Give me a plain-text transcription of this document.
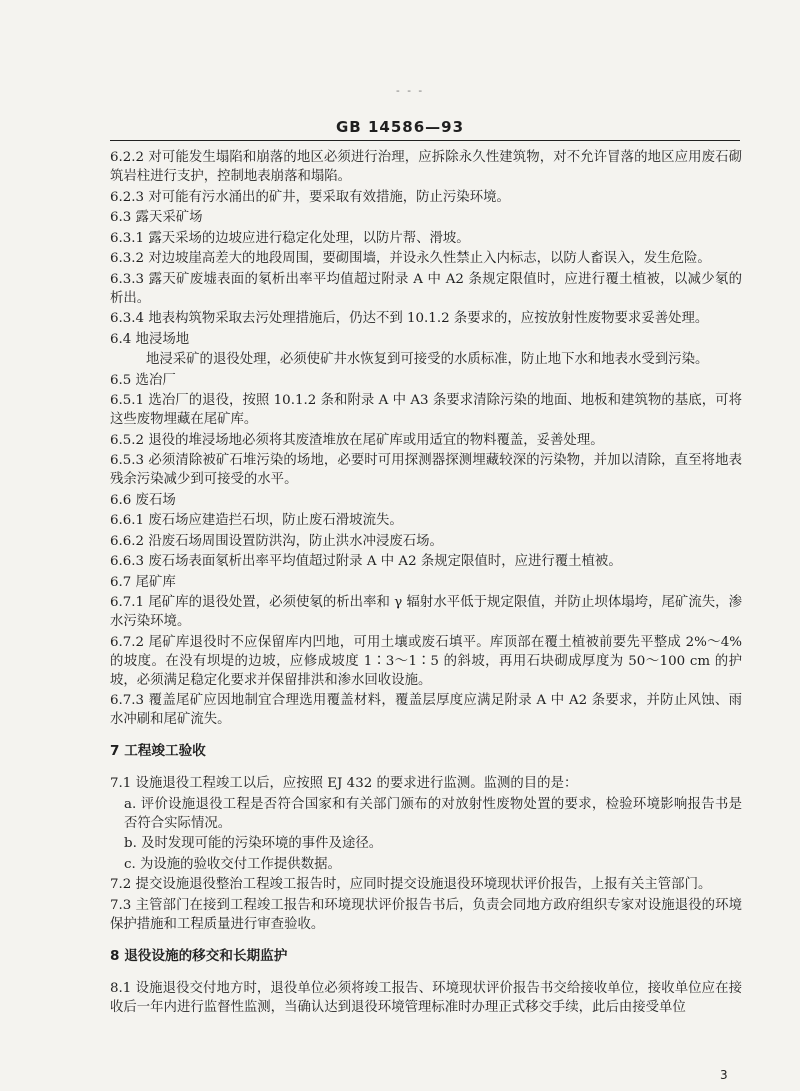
- - -
GB 14586—93
6.2.2 对可能发生塌陷和崩落的地区必须进行治理，应拆除永久性建筑物，对不允许冒落的地区应用废石砌筑岩柱进行支护，控制地表崩落和塌陷。
6.2.3 对可能有污水涌出的矿井，要采取有效措施，防止污染环境。
6.3 露天采矿场
6.3.1 露天采场的边坡应进行稳定化处理，以防片帮、滑坡。
6.3.2 对边坡崖高差大的地段周围，要砌围墙，并设永久性禁止入内标志，以防人畜误入，发生危险。
6.3.3 露天矿废墟表面的氡析出率平均值超过附录 A 中 A2 条规定限值时，应进行覆土植被，以减少氡的析出。
6.3.4 地表构筑物采取去污处理措施后，仍达不到 10.1.2 条要求的，应按放射性废物要求妥善处理。
6.4 地浸场地
地浸采矿的退役处理，必须使矿井水恢复到可接受的水质标准，防止地下水和地表水受到污染。
6.5 选冶厂
6.5.1 选冶厂的退役，按照 10.1.2 条和附录 A 中 A3 条要求清除污染的地面、地板和建筑物的基底，可将这些废物埋藏在尾矿库。
6.5.2 退役的堆浸场地必须将其废渣堆放在尾矿库或用适宜的物料覆盖，妥善处理。
6.5.3 必须清除被矿石堆污染的场地，必要时可用探测器探测埋藏较深的污染物，并加以清除，直至将地表残余污染减少到可接受的水平。
6.6 废石场
6.6.1 废石场应建造拦石坝，防止废石滑坡流失。
6.6.2 沿废石场周围设置防洪沟，防止洪水冲浸废石场。
6.6.3 废石场表面氡析出率平均值超过附录 A 中 A2 条规定限值时，应进行覆土植被。
6.7 尾矿库
6.7.1 尾矿库的退役处置，必须使氡的析出率和 γ 辐射水平低于规定限值，并防止坝体塌垮，尾矿流失，渗水污染环境。
6.7.2 尾矿库退役时不应保留库内凹地，可用土壤或废石填平。库顶部在覆土植被前要先平整成 2%～4% 的坡度。在没有坝堤的边坡，应修成坡度 1∶3～1∶5 的斜坡，再用石块砌成厚度为 50～100 cm 的护坡，必须满足稳定化要求并保留排洪和渗水回收设施。
6.7.3 覆盖尾矿应因地制宜合理选用覆盖材料，覆盖层厚度应满足附录 A 中 A2 条要求，并防止风蚀、雨水冲刷和尾矿流失。
7 工程竣工验收
7.1 设施退役工程竣工以后，应按照 EJ 432 的要求进行监测。监测的目的是：
a. 评价设施退役工程是否符合国家和有关部门颁布的对放射性废物处置的要求，检验环境影响报告书是否符合实际情况。
b. 及时发现可能的污染环境的事件及途径。
c. 为设施的验收交付工作提供数据。
7.2 提交设施退役整治工程竣工报告时，应同时提交设施退役环境现状评价报告，上报有关主管部门。
7.3 主管部门在接到工程竣工报告和环境现状评价报告书后，负责会同地方政府组织专家对设施退役的环境保护措施和工程质量进行审查验收。
8 退役设施的移交和长期监护
8.1 设施退役交付地方时，退役单位必须将竣工报告、环境现状评价报告书交给接收单位，接收单位应在接收后一年内进行监督性监测，当确认达到退役环境管理标准时办理正式移交手续，此后由接受单位
3
